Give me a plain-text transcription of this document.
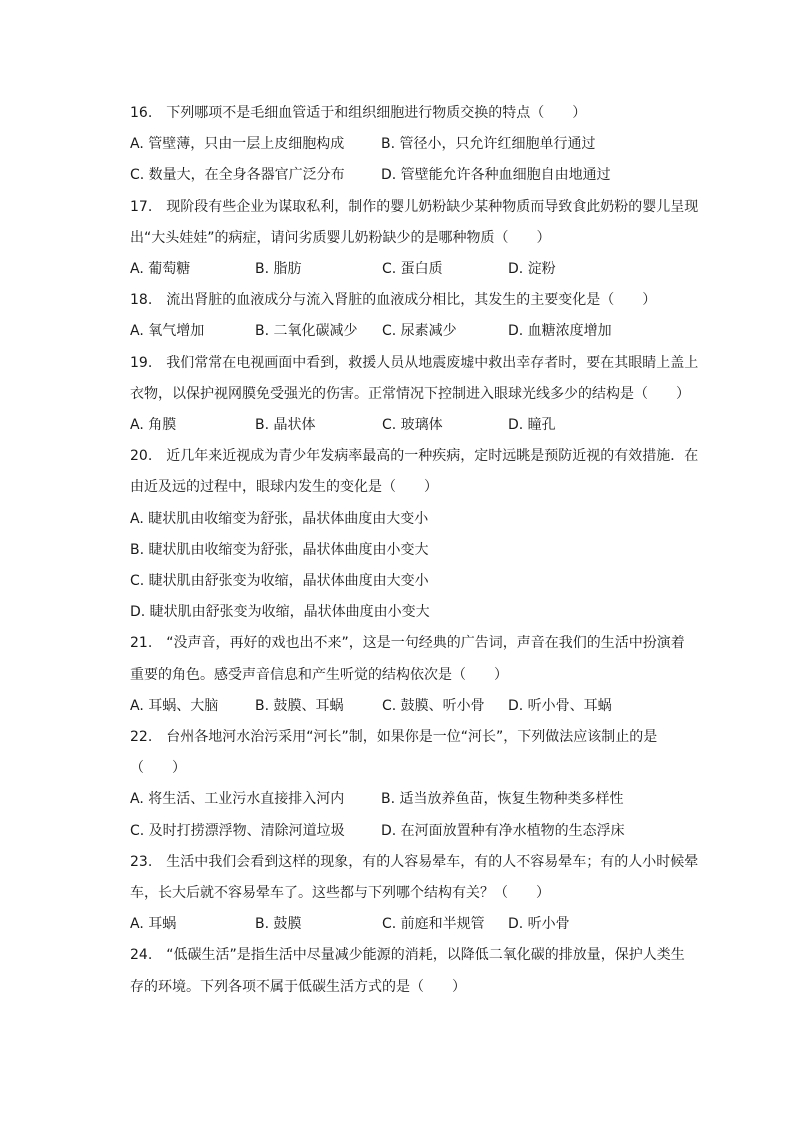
16.　下列哪项不是毛细血管适于和组织细胞进行物质交换的特点（　　）
A. 管壁薄，只由一层上皮细胞构成	B. 管径小，只允许红细胞单行通过
C. 数量大，在全身各器官广泛分布	D. 管壁能允许各种血细胞自由地通过
17.　现阶段有些企业为谋取私利，制作的婴儿奶粉缺少某种物质而导致食此奶粉的婴儿呈现
出“大头娃娃”的病症，请问劣质婴儿奶粉缺少的是哪种物质（　　）
A. 葡萄糖	B. 脂肪	C. 蛋白质	D. 淀粉
18.　流出肾脏的血液成分与流入肾脏的血液成分相比，其发生的主要变化是（　　）
A. 氧气增加	B. 二氧化碳减少 C. 尿素减少	D. 血糖浓度增加
19.　我们常常在电视画面中看到，救援人员从地震废墟中救出幸存者时，要在其眼睛上盖上
衣物，以保护视网膜免受强光的伤害。正常情况下控制进入眼球光线多少的结构是（　　）
A. 角膜	B. 晶状体	C. 玻璃体	D. 瞳孔
20.　近几年来近视成为青少年发病率最高的一种疾病，定时远眺是预防近视的有效措施．在
由近及远的过程中，眼球内发生的变化是（　　）
A. 睫状肌由收缩变为舒张，晶状体曲度由大变小
B. 睫状肌由收缩变为舒张，晶状体曲度由小变大
C. 睫状肌由舒张变为收缩，晶状体曲度由大变小
D. 睫状肌由舒张变为收缩，晶状体曲度由小变大
21.　“没声音，再好的戏也出不来”，这是一句经典的广告词，声音在我们的生活中扮演着
重要的角色。感受声音信息和产生听觉的结构依次是（　　）
A. 耳蜗、大脑	B. 鼓膜、耳蜗	C. 鼓膜、听小骨 D. 听小骨、耳蜗
22.　台州各地河水治污采用“河长”制，如果你是一位“河长”，下列做法应该制止的是
（　　）
A. 将生活、工业污水直接排入河内	B. 适当放养鱼苗，恢复生物种类多样性
C. 及时打捞漂浮物、清除河道垃圾	D. 在河面放置种有净水植物的生态浮床
23.　生活中我们会看到这样的现象，有的人容易晕车，有的人不容易晕车；有的人小时候晕
车，长大后就不容易晕车了。这些都与下列哪个结构有关？（　　）
A. 耳蜗	B. 鼓膜	C. 前庭和半规管 D. 听小骨
24.　“低碳生活”是指生活中尽量减少能源的消耗，以降低二氧化碳的排放量，保护人类生
存的环境。下列各项不属于低碳生活方式的是（　　）
